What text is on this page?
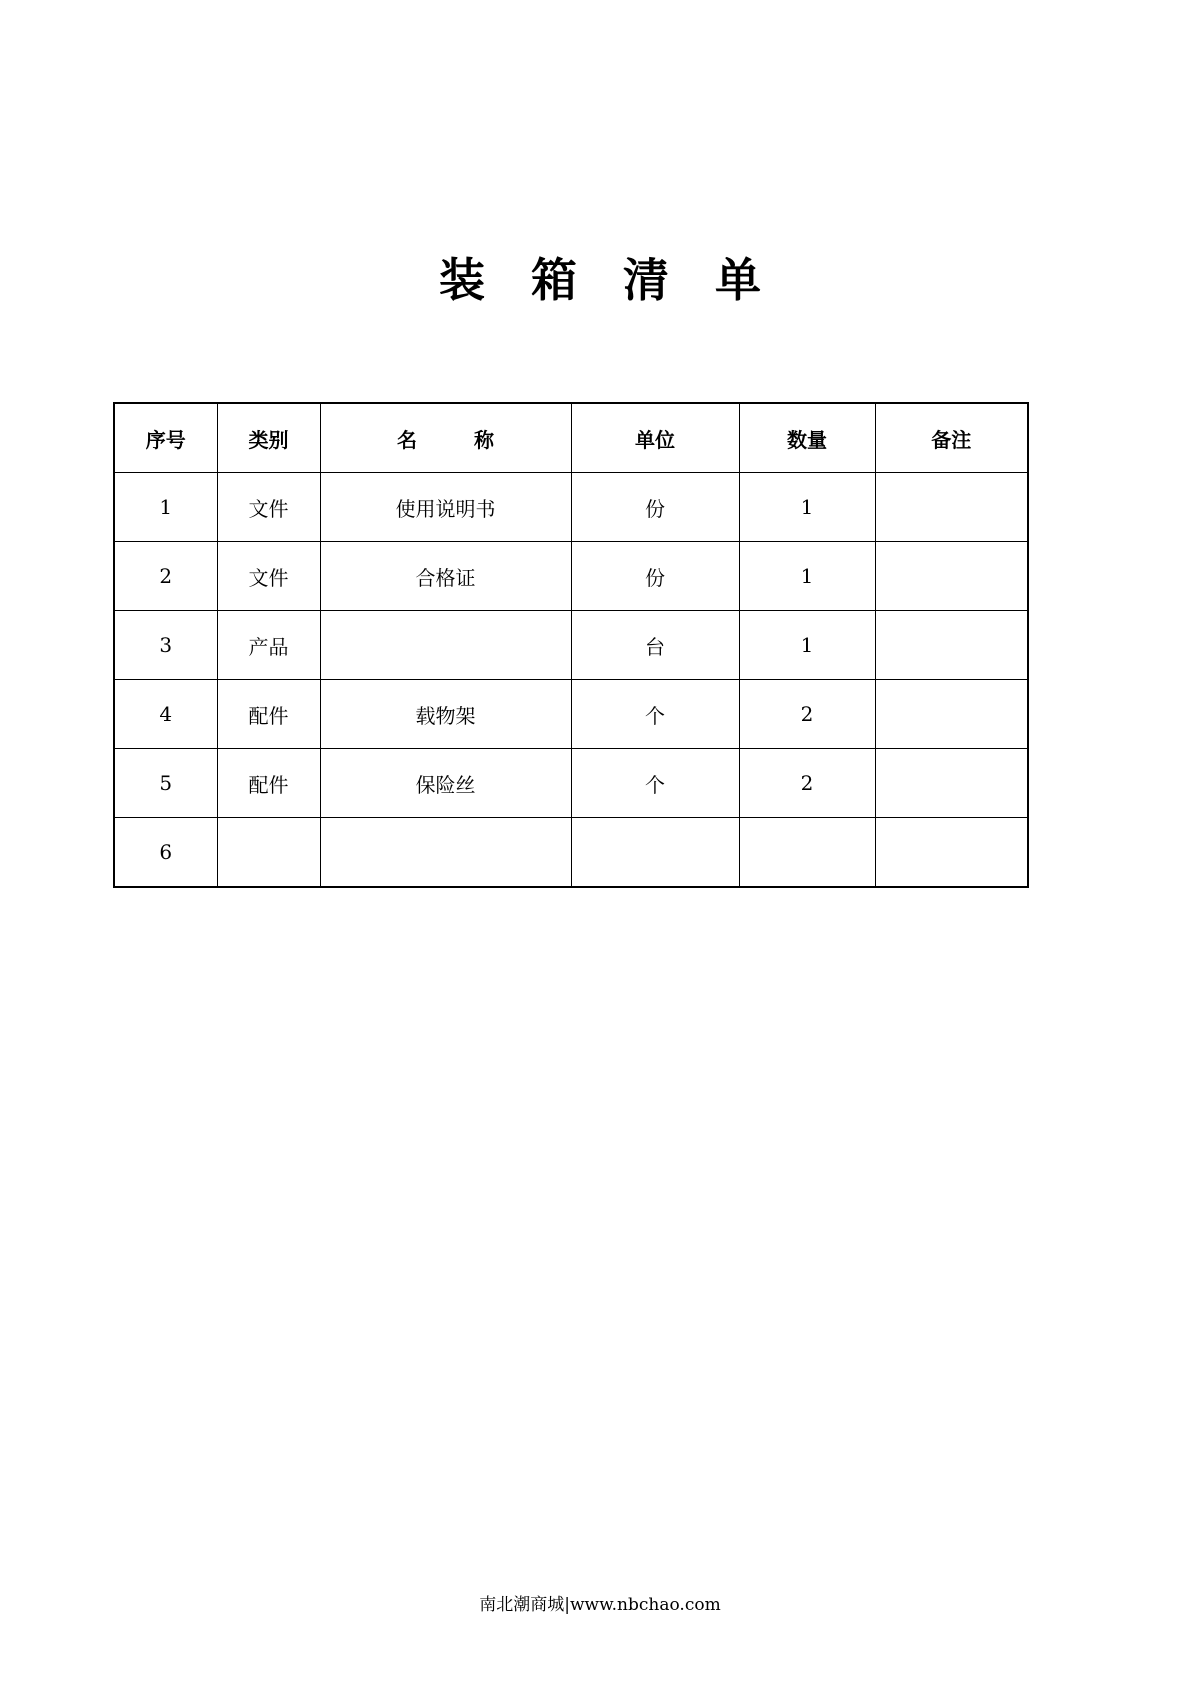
装箱清单
序号	类别	名 称	单位	数量	备注
1	文件	使用说明书	份	1	
2	文件	合格证	份	1	
3	产品		台	1	
4	配件	载物架	个	2	
5	配件	保险丝	个	2	
6					
南北潮商城|www.nbchao.com
